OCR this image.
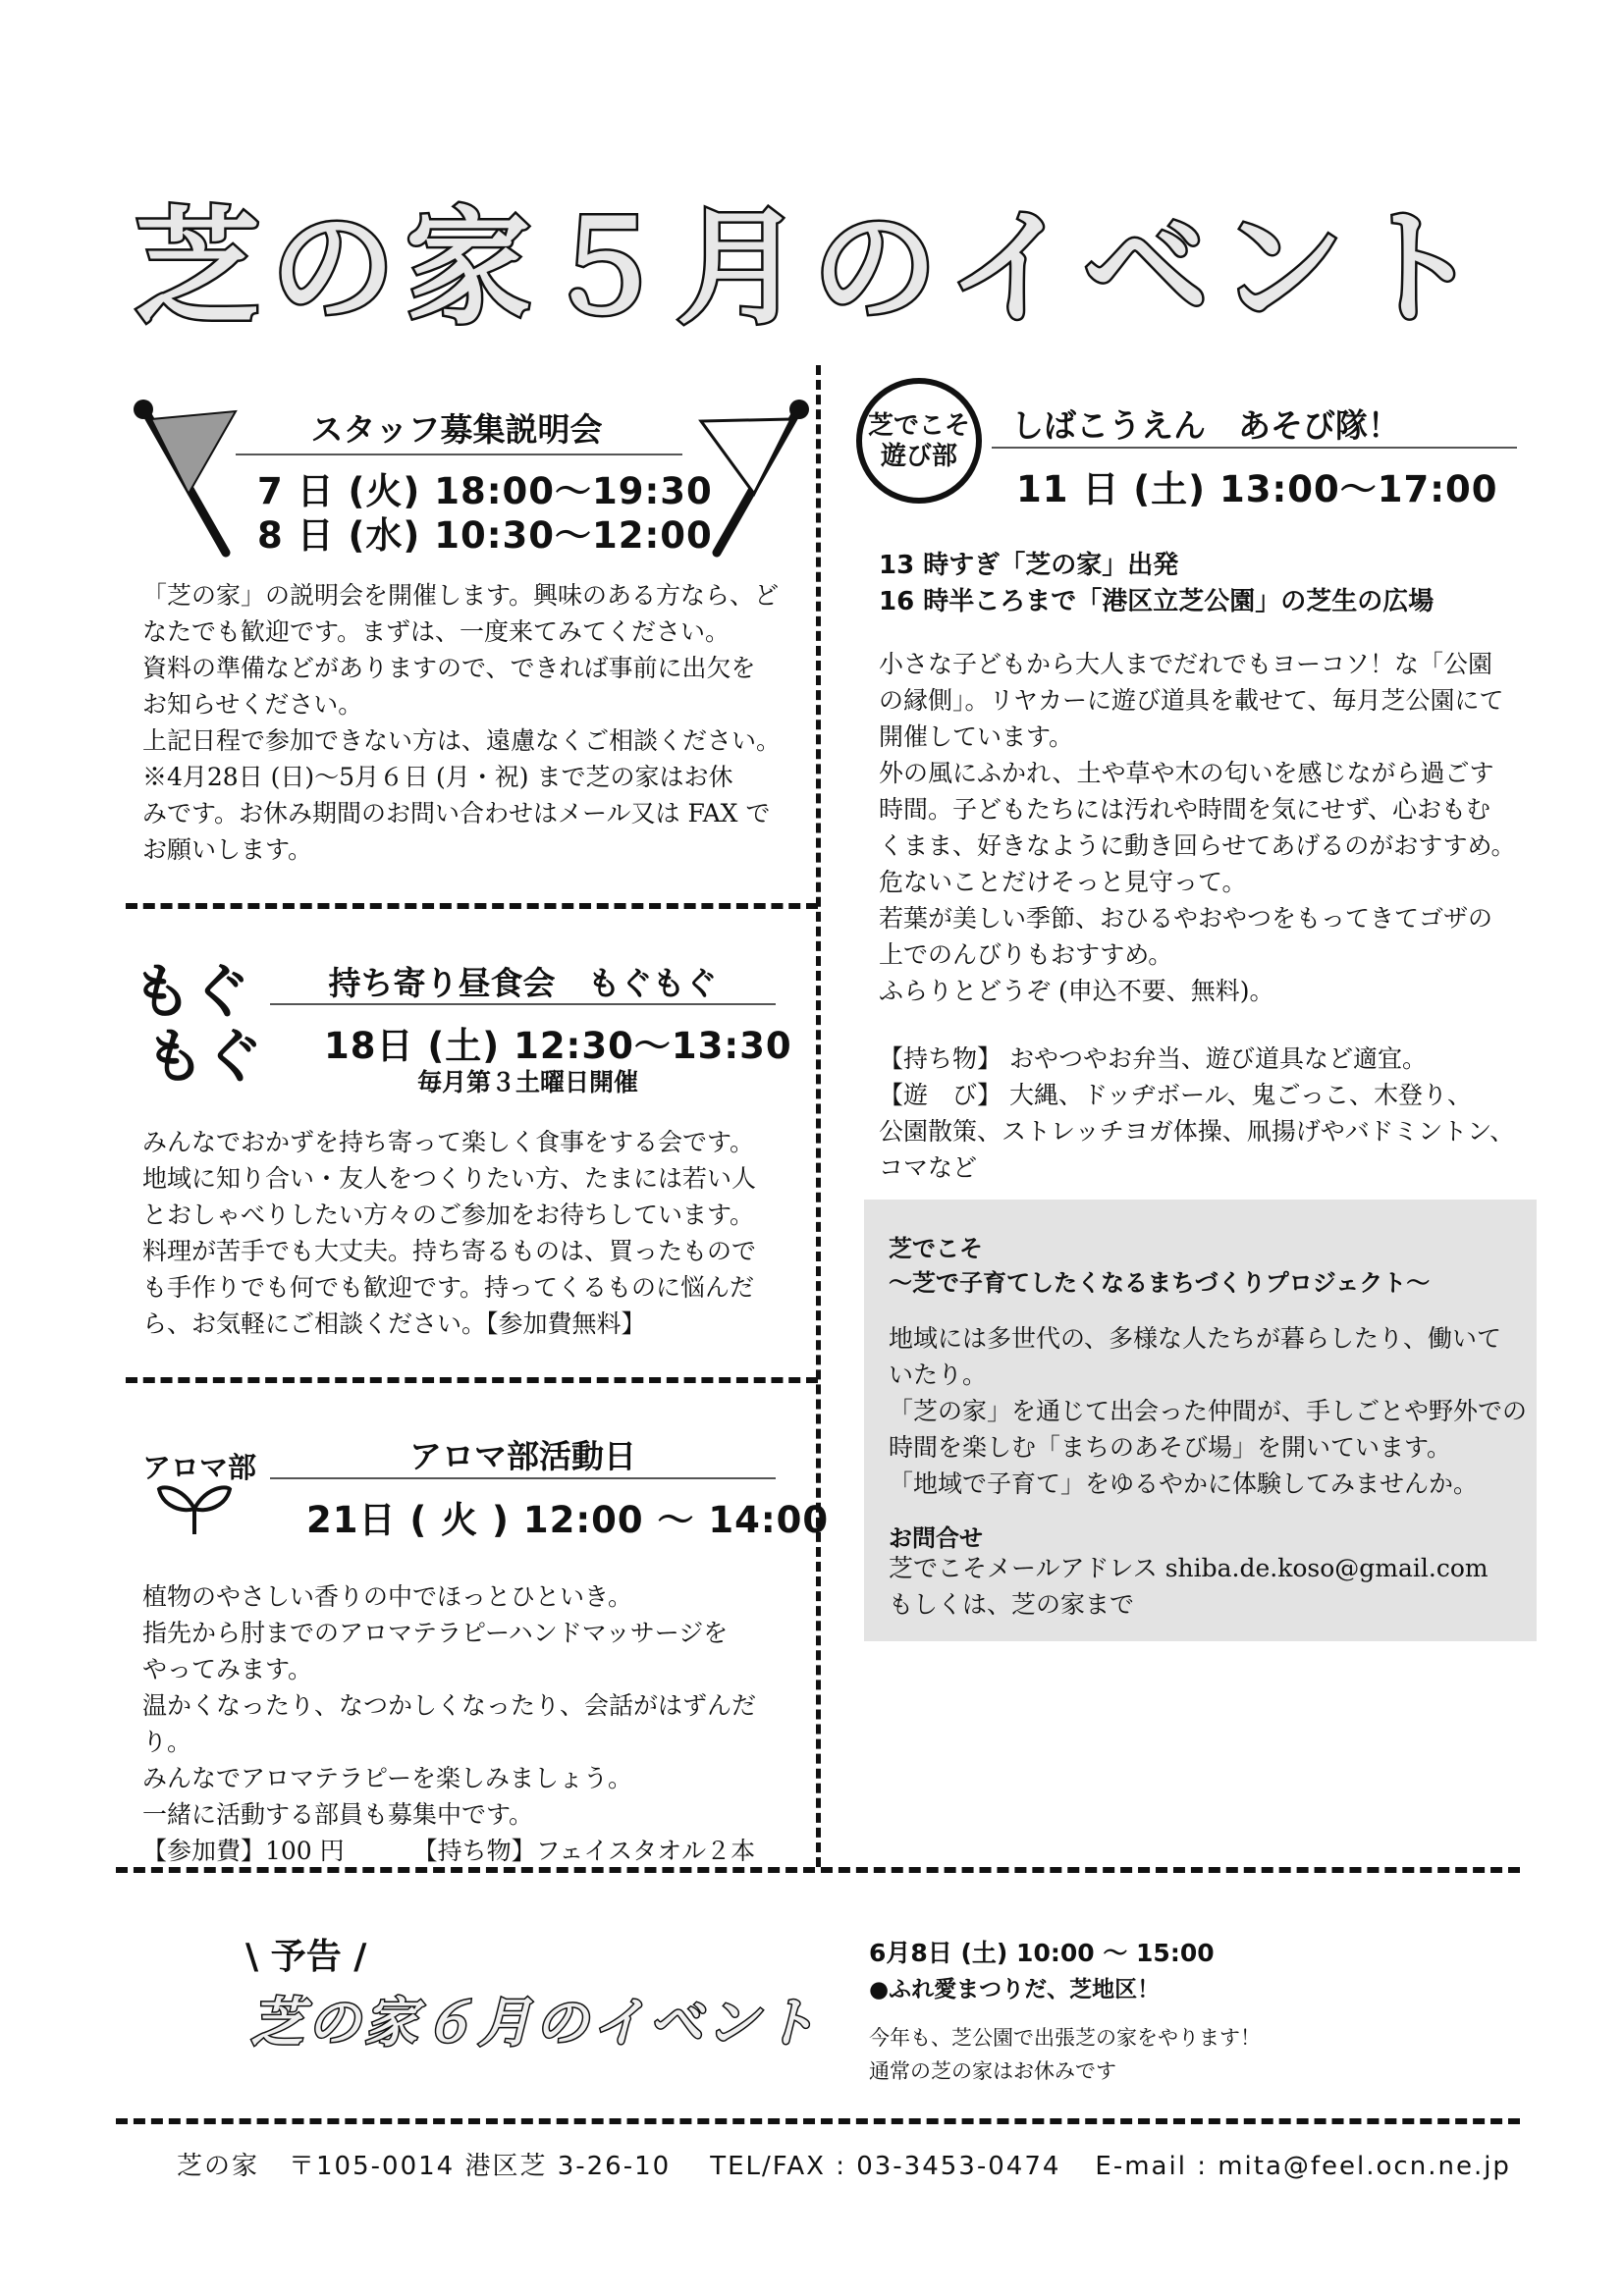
芝の家５月のイベント
スタッフ募集説明会
7 日 (火) 18:00〜19:30
8 日 (水) 10:30〜12:00

「芝の家」の説明会を開催します。興味のある方なら、ど

なたでも歓迎です。まずは、一度来てみてください。

資料の準備などがありますので、できれば事前に出欠を

お知らせください。

上記日程で参加できない方は、遠慮なくご相談ください。

※4月28日 (日)〜5月６日 (月・祝) まで芝の家はお休

みです。お休み期間のお問い合わせはメール又は FAX で

お願いします。

もぐ
もぐ
持ち寄り昼食会　もぐもぐ
18日 (土) 12:30〜13:30
毎月第３土曜日開催

みんなでおかずを持ち寄って楽しく食事をする会です。

地域に知り合い・友人をつくりたい方、たまには若い人

とおしゃべりしたい方々のご参加をお待ちしています。

料理が苦手でも大丈夫。持ち寄るものは、買ったもので

も手作りでも何でも歓迎です。持ってくるものに悩んだ

ら、お気軽にご相談ください。【参加費無料】

アロマ部	アロマ部活動日
21日 ( 火 ) 12:00 〜 14:00

植物のやさしい香りの中でほっとひといき。

指先から肘までのアロマテラピーハンドマッサージを

やってみます。

温かくなったり、なつかしくなったり、会話がはずんだり。

みんなでアロマテラピーを楽しみましょう。

一緒に活動する部員も募集中です。

【参加費】100 円	【持ち物】フェイスタオル２本

芝でこそ
遊び部
しばこうえん　あそび隊！
11 日 (土) 13:00〜17:00
13 時すぎ「芝の家」出発
16 時半ころまで「港区立芝公園」の芝生の広場

小さな子どもから大人までだれでもヨーコソ！な「公園

の縁側」。リヤカーに遊び道具を載せて、毎月芝公園にて

開催しています。

外の風にふかれ、土や草や木の匂いを感じながら過ごす

時間。子どもたちには汚れや時間を気にせず、心おもむ

くまま、好きなように動き回らせてあげるのがおすすめ。

危ないことだけそっと見守って。

若葉が美しい季節、おひるやおやつをもってきてゴザの

上でのんびりもおすすめ。

ふらりとどうぞ (申込不要、無料)。

【持ち物】 おやつやお弁当、遊び道具など適宜。

【遊　び】 大縄、ドッヂボール、鬼ごっこ、木登り、

公園散策、ストレッチヨガ体操、凧揚げやバドミントン、

コマなど

芝でこそ
〜芝で子育てしたくなるまちづくりプロジェクト〜

地域には多世代の、多様な人たちが暮らしたり、働いて

いたり。

「芝の家」を通じて出会った仲間が、手しごとや野外での

時間を楽しむ「まちのあそび場」を開いています。

「地域で子育て」をゆるやかに体験してみませんか。

お問合せ

芝でこそメールアドレス shiba.de.koso@gmail.com

もしくは、芝の家まで

\ 予告 /
芝の家６月のイベント
6月8日 (土) 10:00 〜 15:00
●ふれ愛まつりだ、芝地区！
今年も、芝公園で出張芝の家をやります！
通常の芝の家はお休みです
芝の家 〒105-0014 港区芝 3-26-10 TEL/FAX : 03-3453-0474 E-mail : mita@feel.ocn.ne.jp
